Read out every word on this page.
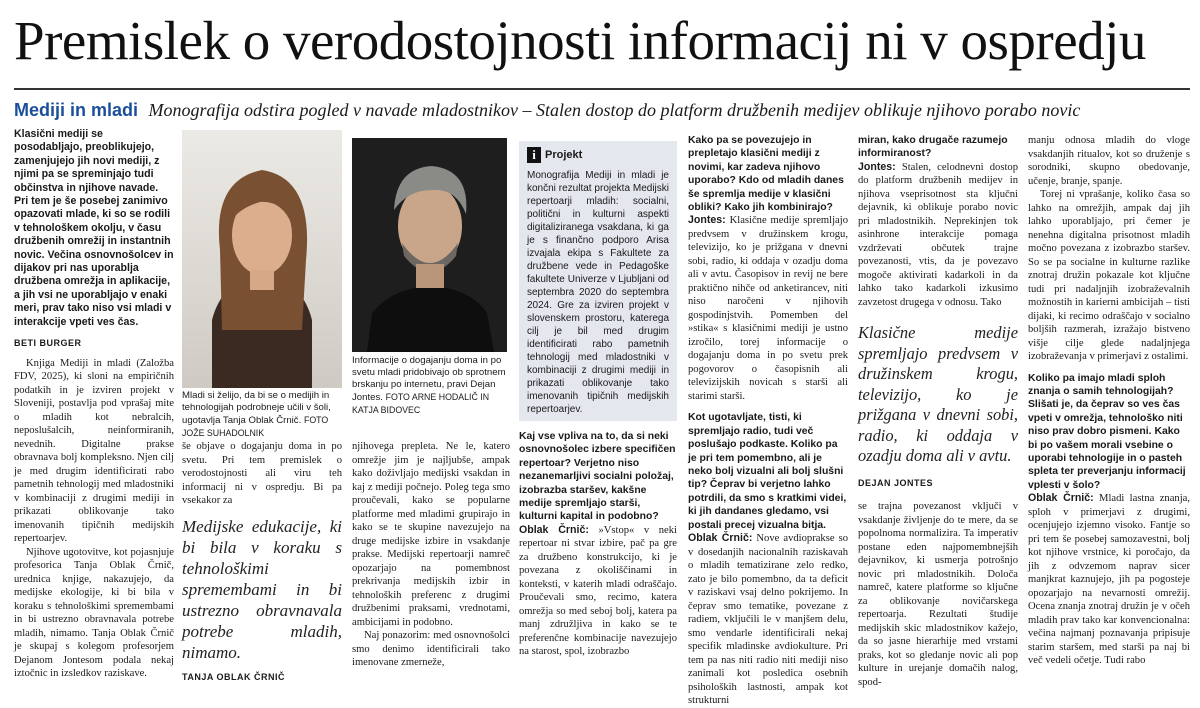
Premislek o verodostojnosti informacij ni v ospredju
Mediji in mladi Monografija odstira pogled v navade mladostnikov – Stalen dostop do platform družbenih medijev oblikuje njihovo porabo novic
Klasični mediji se posodabljajo, preoblikujejo, zamenjujejo jih novi mediji, z njimi pa se spreminjajo tudi občinstva in njihove navade. Pri tem je še posebej zanimivo opazovati mlade, ki so se rodili v tehnološkem okolju, v času družbenih omrežij in instantnih novic. Večina osnovnošolcev in dijakov pri nas uporablja družbena omrežja in aplikacije, a jih vsi ne uporabljajo v enaki meri, prav tako niso vsi mladi v interakcije vpeti ves čas.
BETI BURGER

Knjiga Mediji in mladi (Založba FDV, 2025), ki sloni na empiričnih podatkih in je izviren projekt v Sloveniji, postavlja pod vprašaj mite o mladih kot nebralcih, neposlušalcih, neinformiranih, nevednih. Digitalne prakse obravnava bolj kompleksno. Njen cilj je med drugim identificirati rabo pametnih tehnologij med mladostniki v kombinaciji z drugimi mediji in prikazati oblikovanje tako imenovanih tipičnih medijskih repertoarjev.

Njihove ugotovitve, kot pojasnjuje profesorica Tanja Oblak Črnič, urednica knjige, nakazujejo, da medijske ekologije, ki bi bila v koraku s tehnološkimi spremembami in bi ustrezno obravnavala potrebe mladih, nimamo. Tanja Oblak Črnič je skupaj s kolegom profesorjem Dejanom Jontesom podala nekaj iztočnic in izsledkov raziskave.

Mladi si želijo, da bi se o medijih in tehnologijah podrobneje učili v šoli, ugotavlja Tanja Oblak Črnič. FOTO JOŽE SUHADOLNIK
Informacije o dogajanju doma in po svetu mladi pridobivajo ob sprotnem brskanju po internetu, pravi Dejan Jontes. FOTO ARNE HODALIČ IN KATJA BIDOVEC

še objave o dogajanju doma in po svetu. Pri tem premislek o verodostojnosti ali viru teh informacij ni v ospredju. Bi pa vsekakor za

Medijske edukacije, ki bi bila v koraku s tehnološkimi spremembami in bi ustrezno obravnavala potrebe mladih, nimamo.
TANJA OBLAK ČRNIČ

njihovega prepleta. Ne le, katero omrežje jim je najljubše, ampak kako doživljajo medijski vsakdan in kaj z mediji počnejo. Poleg tega smo proučevali, kako se popularne platforme med mladimi grupirajo in kako se te skupine navezujejo na druge medijske izbire in vsakdanje prakse. Medijski repertoarji namreč opozarjajo na pomembnost prekrivanja medijskih izbir in tehnoloških preferenc z drugimi družbenimi praksami, vrednotami, ambicijami in podobno.

Naj ponazorim: med osnovnošolci smo denimo identificirali tako imenovane zmerneže,

i Projekt
Monografija Mediji in mladi je končni rezultat projekta Medijski repertoarji mladih: socialni, politični in kulturni aspekti digitaliziranega vsakdana, ki ga je s finančno podporo Arisa izvajala ekipa s Fakultete za družbene vede in Pedagoške fakultete Univerze v Ljubljani od septembra 2020 do septembra 2024. Gre za izviren projekt v slovenskem prostoru, katerega cilj je bil med drugim identificirati rabo pametnih tehnologij med mladostniki v kombinaciji z drugimi mediji in prikazati oblikovanje tako imenovanih tipičnih medijskih repertoarjev.
Kaj vse vpliva na to, da si neki osnovnošolec izbere specifičen repertoar? Verjetno niso nezanemarljivi socialni položaj, izobrazba staršev, kakšne medije spremljajo starši, kulturni kapital in podobno?

Oblak Črnič: »Vstop« v neki repertoar ni stvar izbire, pač pa gre za družbeno konstrukcijo, ki je povezana z okoliščinami in konteksti, v katerih mladi odraščajo. Proučevali smo, recimo, katera omrežja so med seboj bolj, katera pa manj združljiva in kako se te preferenčne kombinacije navezujejo na starost, spol, izobrazbo

Kako pa se povezujejo in prepletajo klasični mediji z novimi, kar zadeva njihovo uporabo? Kdo od mladih danes še spremlja medije v klasični obliki? Kako jih kombinirajo?

Jontes: Klasične medije spremljajo predvsem v družinskem krogu, televizijo, ko je prižgana v dnevni sobi, radio, ki oddaja v ozadju doma ali v avtu. Časopisov in revij ne bere praktično nihče od anketirancev, niti niso naročeni v njihovih gospodinjstvih. Pomemben del »stika« s klasičnimi mediji je ustno izročilo, torej informacije o dogajanju doma in po svetu prek pogovorov o časopisnih ali televizijskih novicah s starši ali starimi starši.

Kot ugotavljate, tisti, ki spremljajo radio, tudi več poslušajo podkaste. Koliko pa je pri tem pomembno, ali je neko bolj vizualni ali bolj slušni tip? Čeprav bi verjetno lahko potrdili, da smo s kratkimi videi, ki jih dandanes gledamo, vsi postali precej vizualna bitja.

Oblak Črnič: Nove avdioprakse so v dosedanjih nacionalnih raziskavah o mladih tematizirane zelo redko, zato je bilo pomembno, da ta deficit v raziskavi vsaj delno pokrijemo. In čeprav smo tematike, povezane z radiem, vključili le v manjšem delu, smo vendarle identificirali nekaj specifik mladinske avdiokulture. Pri tem pa nas niti radio niti mediji niso zanimali kot posledica osebnih psiholoških lastnosti, ampak kot strukturni

miran, kako drugače razumejo informiranost?

Jontes: Stalen, celodnevni dostop do platform družbenih medijev in njihova vseprisotnost sta ključni dejavnik, ki oblikuje porabo novic pri mladostnikih. Neprekinjen tok asinhrone interakcije pomaga vzdrževati občutek trajne povezanosti, vtis, da je povezavo mogoče aktivirati kadarkoli in da lahko tako kadarkoli izkusimo zavzetost drugega v odnosu. Tako

Klasične medije spremljajo predvsem v družinskem krogu, televizijo, ko je prižgana v dnevni sobi, radio, ki oddaja v ozadju doma ali v avtu.
DEJAN JONTES

se trajna povezanost vključi v vsakdanje življenje do te mere, da se popolnoma normalizira. Ta imperativ postane eden najpomembnejših dejavnikov, ki usmerja potrošnjo novic pri mladostnikih. Določa namreč, katere platforme so ključne za oblikovanje novičarskega repertoarja. Rezultati študije medijskih skic mladostnikov kažejo, da so jasne hierarhije med vrstami praks, kot so gledanje novic ali pop kulture in urejanje domačih nalog, spod-

manju odnosa mladih do vloge vsakdanjih ritualov, kot so druženje s sorodniki, skupno obedovanje, učenje, branje, spanje.

Torej ni vprašanje, koliko časa so lahko na omrežjih, ampak daj jih lahko uporabljajo, pri čemer je nenehna digitalna prisotnost mladih močno povezana z izobrazbo staršev. So se pa socialne in kulturne razlike znotraj družin pokazale kot ključne tudi pri nadaljnjih izobraževalnih možnostih in karierni ambicijah – tisti dijaki, ki recimo odraščajo v socialno boljših razmerah, izražajo bistveno višje cilje glede nadaljnjega izobraževanja v primerjavi z ostalimi.

Koliko pa imajo mladi sploh znanja o samih tehnologijah? Slišati je, da čeprav so ves čas vpeti v omrežja, tehnološko niti niso prav dobro pismeni. Kako bi po vašem morali vsebine o uporabi tehnologije in o pasteh spleta ter preverjanju informacij vplesti v šolo?

Oblak Črnič: Mladi lastna znanja, sploh v primerjavi z drugimi, ocenjujejo izjemno visoko. Fantje so pri tem še posebej samozavestni, bolj kot njihove vrstnice, ki poročajo, da jih z odvzemom naprav sicer manjkrat kaznujejo, jih pa pogosteje opozarjajo na nevarnosti omrežij. Ocena znanja znotraj družin je v očeh mladih prav tako kar konvencionalna: večina najmanj poznavanja pripisuje starim staršem, med starši pa naj bi več vedeli očetje. Tudi rabo
